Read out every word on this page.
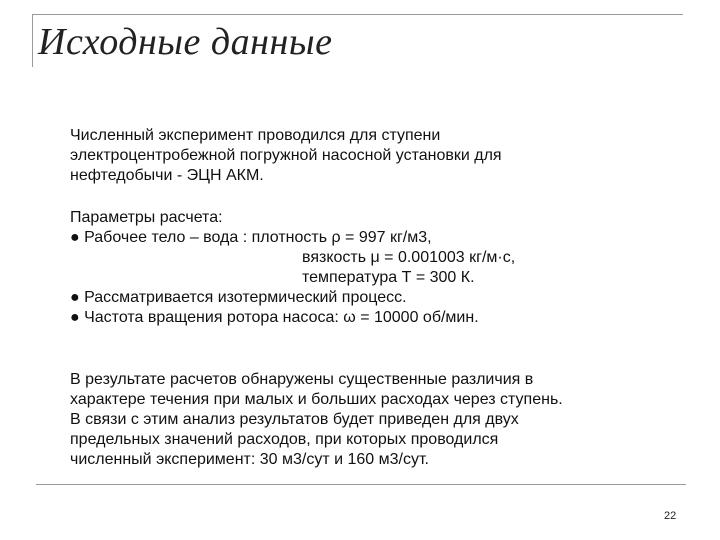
Исходные данные
Численный эксперимент проводился для ступени
электроцентробежной погружной насосной установки для
нефтедобычи - ЭЦН АКМ.
Параметры расчета:
● Рабочее тело – вода : плотность ρ = 997 кг/м3,
вязкость μ = 0.001003 кг/м·с,
температура Т = 300 К.
● Рассматривается изотермический процесс.
● Частота вращения ротора насоса: ω = 10000 об/мин.
В результате расчетов обнаружены существенные различия в
характере течения при малых и больших расходах через ступень.
В связи с этим анализ результатов будет приведен для двух
предельных значений расходов, при которых проводился
численный эксперимент: 30 м3/сут и 160 м3/сут.
22
